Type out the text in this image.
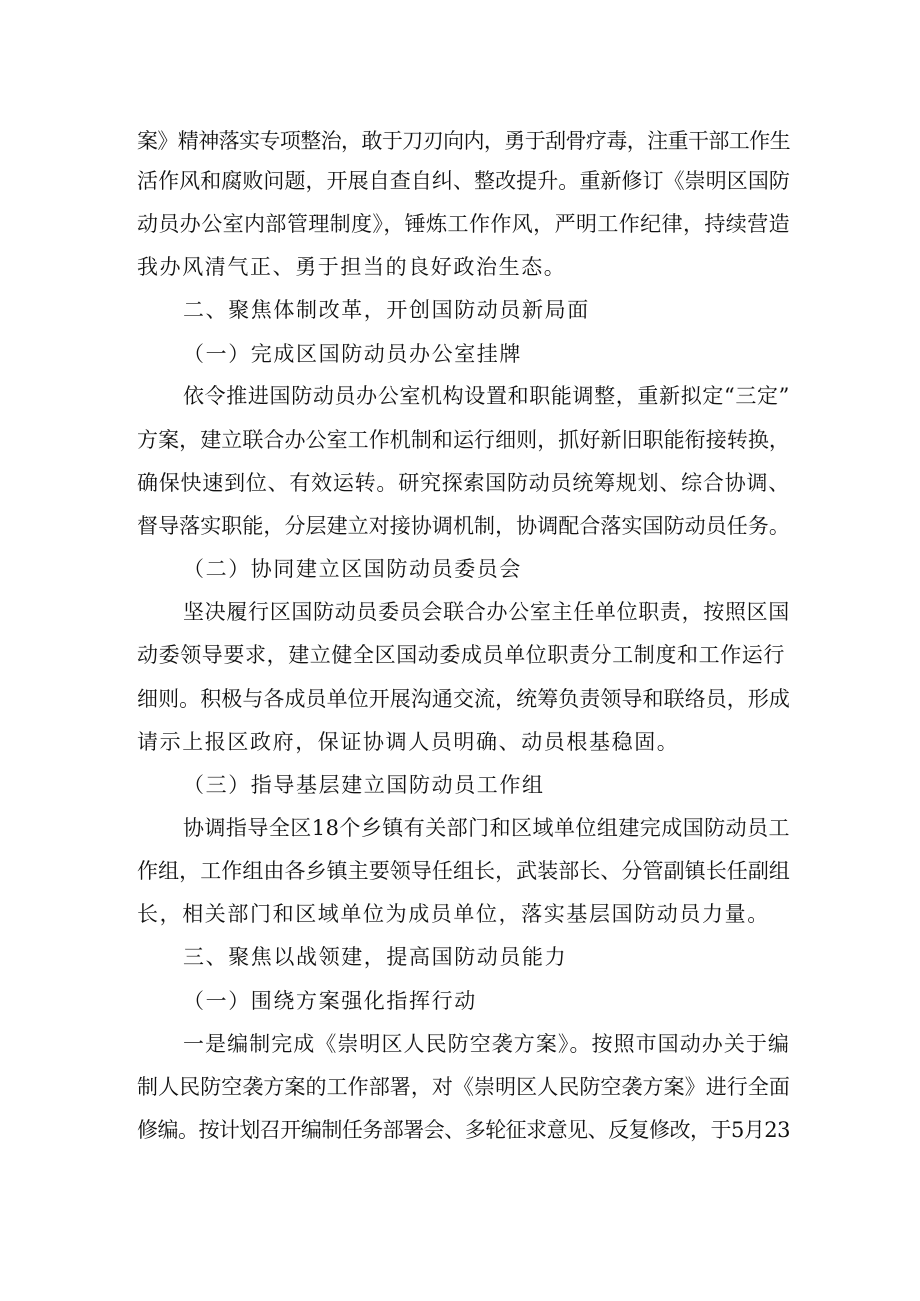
案》精神落实专项整治，敢于刀刃向内，勇于刮骨疗毒，注重干部工作生
活作风和腐败问题，开展自查自纠、整改提升。重新修订《崇明区国防
动员办公室内部管理制度》，锤炼工作作风，严明工作纪律，持续营造
我办风清气正、勇于担当的良好政治生态。
二、聚焦体制改革，开创国防动员新局面
（一）完成区国防动员办公室挂牌
依令推进国防动员办公室机构设置和职能调整，重新拟定“三定”
方案，建立联合办公室工作机制和运行细则，抓好新旧职能衔接转换，
确保快速到位、有效运转。研究探索国防动员统筹规划、综合协调、
督导落实职能，分层建立对接协调机制，协调配合落实国防动员任务。
（二）协同建立区国防动员委员会
坚决履行区国防动员委员会联合办公室主任单位职责，按照区国
动委领导要求，建立健全区国动委成员单位职责分工制度和工作运行
细则。积极与各成员单位开展沟通交流，统筹负责领导和联络员，形成
请示上报区政府，保证协调人员明确、动员根基稳固。
（三）指导基层建立国防动员工作组
协调指导全区18个乡镇有关部门和区域单位组建完成国防动员工
作组，工作组由各乡镇主要领导任组长，武装部长、分管副镇长任副组
长，相关部门和区域单位为成员单位，落实基层国防动员力量。
三、聚焦以战领建，提高国防动员能力
（一）围绕方案强化指挥行动
一是编制完成《崇明区人民防空袭方案》。按照市国动办关于编
制人民防空袭方案的工作部署，对《崇明区人民防空袭方案》进行全面
修编。按计划召开编制任务部署会、多轮征求意见、反复修改，于5月23
